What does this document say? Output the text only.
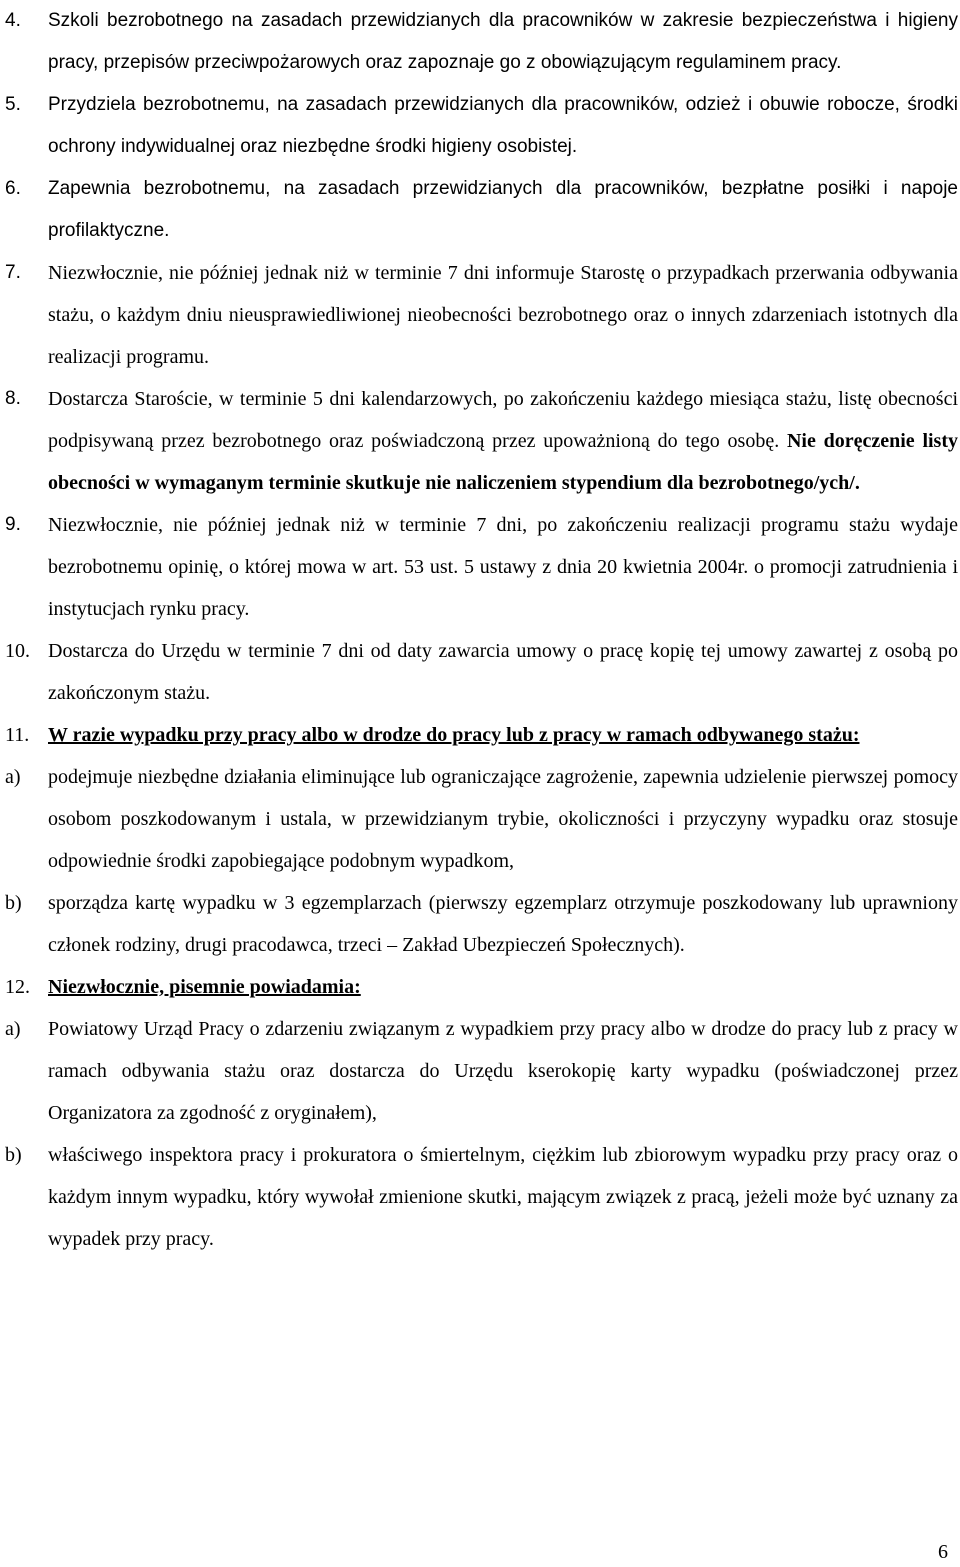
4. Szkoli bezrobotnego na zasadach przewidzianych dla pracowników w zakresie bezpieczeństwa i higieny pracy, przepisów przeciwpożarowych oraz zapoznaje go z obowiązującym regulaminem pracy.
5. Przydziela bezrobotnemu, na zasadach przewidzianych dla pracowników, odzież i obuwie robocze, środki ochrony indywidualnej oraz niezbędne środki higieny osobistej.
6. Zapewnia bezrobotnemu, na zasadach przewidzianych dla pracowników, bezpłatne posiłki i napoje profilaktyczne.
7. Niezwłocznie, nie później jednak niż w terminie 7 dni informuje Starostę o przypadkach przerwania odbywania stażu, o każdym dniu nieusprawiedliwionej nieobecności bezrobotnego oraz o innych zdarzeniach istotnych dla realizacji programu.
8. Dostarcza Staroście, w terminie 5 dni kalendarzowych, po zakończeniu każdego miesiąca stażu, listę obecności podpisywaną przez bezrobotnego oraz poświadczoną przez upoważnioną do tego osobę. Nie doręczenie listy obecności w wymaganym terminie skutkuje nie naliczeniem stypendium dla bezrobotnego/ych/.
9. Niezwłocznie, nie później jednak niż w terminie 7 dni, po zakończeniu realizacji programu stażu wydaje bezrobotnemu opinię, o której mowa w art. 53 ust. 5 ustawy z dnia 20 kwietnia 2004r. o promocji zatrudnienia i instytucjach rynku pracy.
10. Dostarcza do Urzędu w terminie 7 dni od daty zawarcia umowy o pracę kopię tej umowy zawartej z osobą po zakończonym stażu.
11. W razie wypadku przy pracy albo w drodze do pracy lub z pracy w ramach odbywanego stażu:
a) podejmuje niezbędne działania eliminujące lub ograniczające zagrożenie, zapewnia udzielenie pierwszej pomocy osobom poszkodowanym i ustala, w przewidzianym trybie, okoliczności i przyczyny wypadku oraz stosuje odpowiednie środki zapobiegające podobnym wypadkom,
b) sporządza kartę wypadku w 3 egzemplarzach (pierwszy egzemplarz otrzymuje poszkodowany lub uprawniony członek rodziny, drugi pracodawca, trzeci – Zakład Ubezpieczeń Społecznych).
12. Niezwłocznie, pisemnie powiadamia:
a) Powiatowy Urząd Pracy o zdarzeniu związanym z wypadkiem przy pracy albo w drodze do pracy lub z pracy w ramach odbywania stażu oraz dostarcza do Urzędu kserokopię karty wypadku (poświadczonej przez Organizatora za zgodność z oryginałem),
b) właściwego inspektora pracy i prokuratora o śmiertelnym, ciężkim lub zbiorowym wypadku przy pracy oraz o każdym innym wypadku, który wywołał zmienione skutki, mającym związek z pracą, jeżeli może być uznany za wypadek przy pracy.
6
